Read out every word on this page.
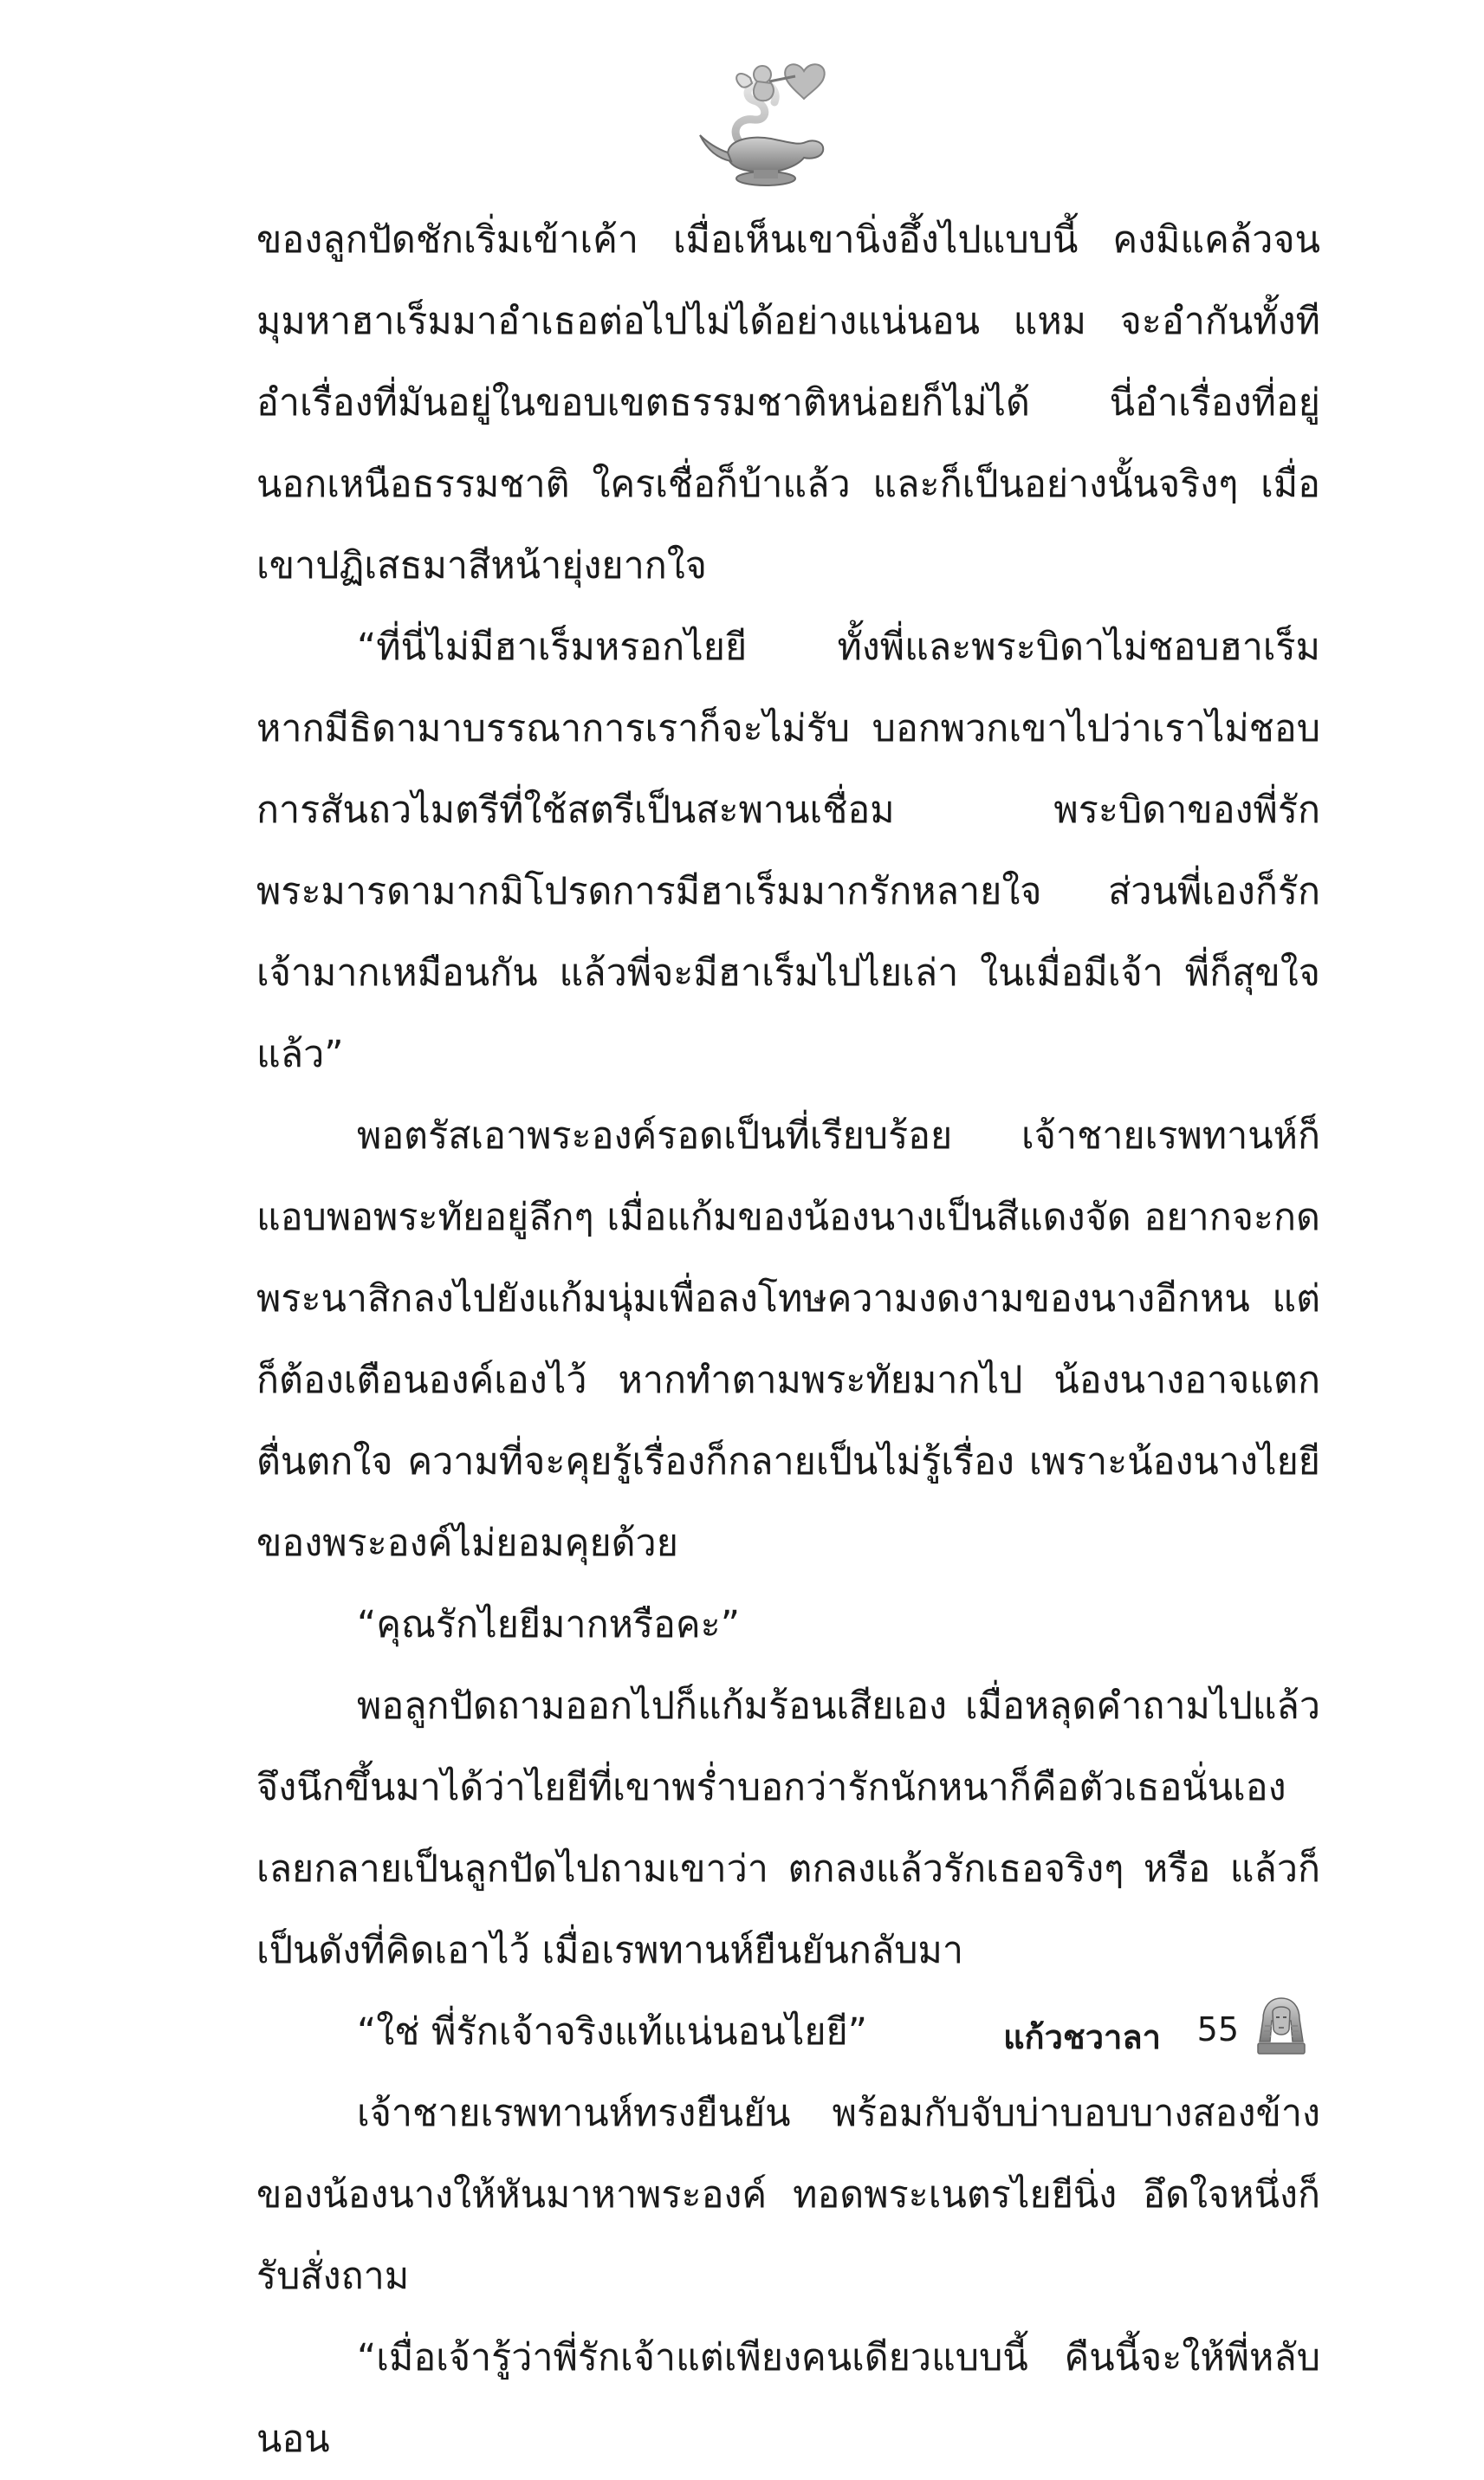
ของลูกปัดชักเริ่มเข้าเค้า เมื่อเห็นเขานิ่งอึ้งไปแบบนี้ คงมิแคล้วจนมุมหาฮาเร็มมาอำเธอต่อไปไม่ได้อย่างแน่นอน แหม จะอำกันทั้งที อำเรื่องที่มันอยู่ในขอบเขตธรรมชาติหน่อยก็ไม่ได้ นี่อำเรื่องที่อยู่นอกเหนือธรรมชาติ ใครเชื่อก็บ้าแล้ว และก็เป็นอย่างนั้นจริงๆ เมื่อเขาปฏิเสธมาสีหน้ายุ่งยากใจ

“ที่นี่ไม่มีฮาเร็มหรอกไยยี ทั้งพี่และพระบิดาไม่ชอบฮาเร็ม หากมีธิดามาบรรณาการเราก็จะไม่รับ บอกพวกเขาไปว่าเราไม่ชอบการสันถวไมตรีที่ใช้สตรีเป็นสะพานเชื่อม พระบิดาของพี่รักพระมารดามากมิโปรดการมีฮาเร็มมากรักหลายใจ ส่วนพี่เองก็รักเจ้ามากเหมือนกัน แล้วพี่จะมีฮาเร็มไปไยเล่า ในเมื่อมีเจ้า พี่ก็สุขใจแล้ว”

พอตรัสเอาพระองค์รอดเป็นที่เรียบร้อย เจ้าชายเรพทานห์ก็แอบพอพระทัยอยู่ลึกๆ เมื่อแก้มของน้องนางเป็นสีแดงจัด อยากจะกดพระนาสิกลงไปยังแก้มนุ่มเพื่อลงโทษความงดงามของนางอีกหน แต่ก็ต้องเตือนองค์เองไว้ หากทำตามพระทัยมากไป น้องนางอาจแตกตื่นตกใจ ความที่จะคุยรู้เรื่องก็กลายเป็นไม่รู้เรื่อง เพราะน้องนางไยยีของพระองค์ไม่ยอมคุยด้วย

“คุณรักไยยีมากหรือคะ”

พอลูกปัดถามออกไปก็แก้มร้อนเสียเอง เมื่อหลุดคำถามไปแล้ว จึงนึกขึ้นมาได้ว่าไยยีที่เขาพร่ำบอกว่ารักนักหนาก็คือตัวเธอนั่นเอง เลยกลายเป็นลูกปัดไปถามเขาว่า ตกลงแล้วรักเธอจริงๆ หรือ แล้วก็เป็นดังที่คิดเอาไว้ เมื่อเรพทานห์ยืนยันกลับมา

“ใช่ พี่รักเจ้าจริงแท้แน่นอนไยยี”

เจ้าชายเรพทานห์ทรงยืนยัน พร้อมกับจับบ่าบอบบางสองข้างของน้องนางให้หันมาหาพระองค์ ทอดพระเนตรไยยีนิ่ง อึดใจหนึ่งก็รับสั่งถาม

“เมื่อเจ้ารู้ว่าพี่รักเจ้าแต่เพียงคนเดียวแบบนี้ คืนนี้จะให้พี่หลับนอน

แก้วชวาลา 55
